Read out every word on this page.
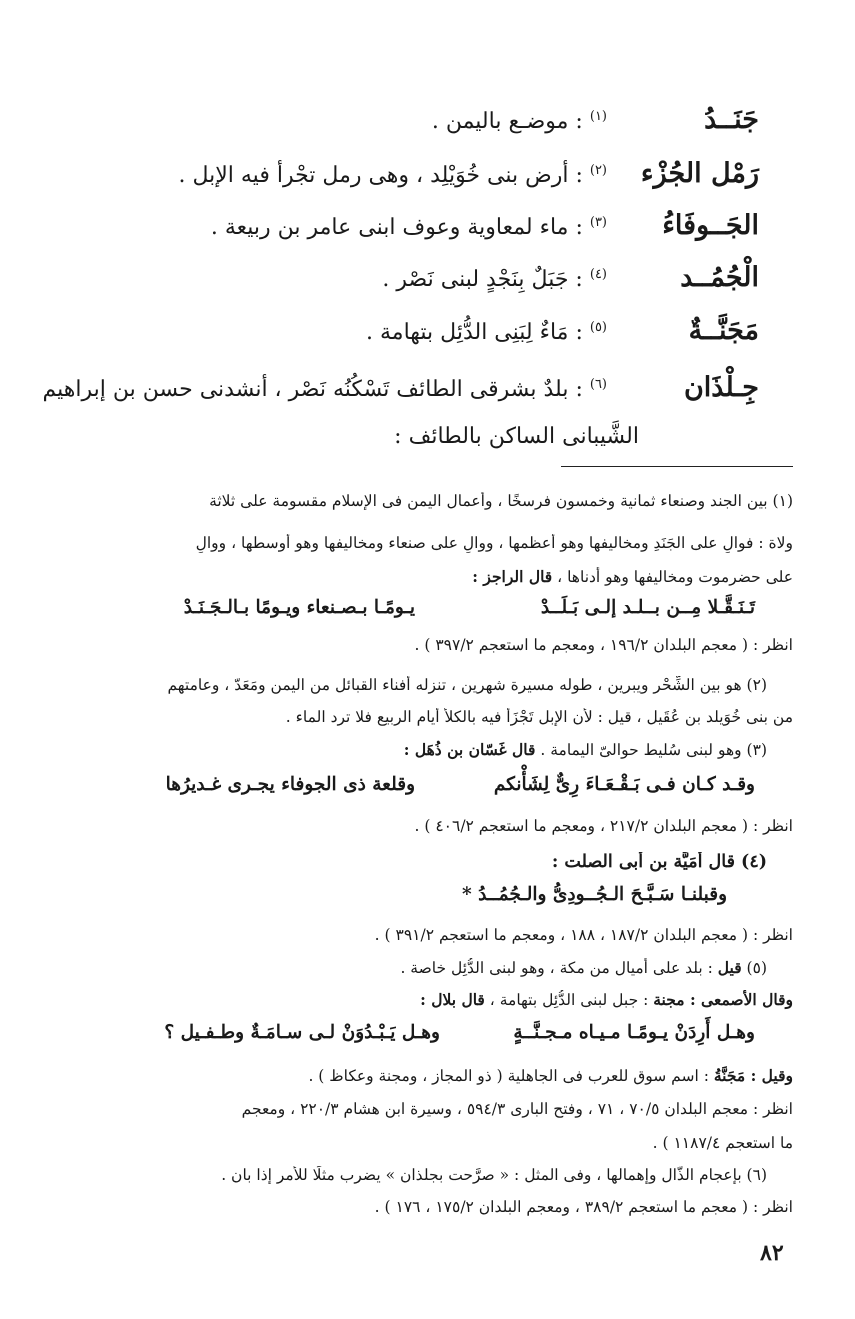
جَنَــدُ$^{(١)}$ : موضـع باليمن .
رَمْل الجُزْء$^{(٢)}$ : أرض بنى خُوَيْلِد ، وهى رمل تجْرأ فيه الإبل .
الجَــوفَاءُ$^{(٣)}$ : ماء لمعاوية وعوف ابنى عامر بن ربيعة .
الْجُمُــد$^{(٤)}$ : جَبَلٌ بِنَجْدٍ لبنى نَصْر .
مَجَنَّــةٌ$^{(٥)}$ : مَاءٌ لِبَنِى الدُّئِل بتهامة .
جِـلْذَان$^{(٦)}$ : بلدٌ بشرقى الطائف تَسْكُنُه نَصْر ، أنشدنى حسن بن إبراهيم
الشَّيبانى الساكن بالطائف :
(١) بين الجند وصنعاء ثمانية وخمسون فرسخًا ، وأعمال اليمن فى الإسلام مقسومة على ثلاثة
ولاة : فوالٍ على الجَنَدِ ومخاليفها وهو أعظمها ، ووالٍ على صنعاء ومخاليفها وهو أوسطها ، ووالٍ
على حضرموت ومخاليفها وهو أدناها ، قال الراجز :
تَـنَـقَّـلا مِــن بــلـد إلـى بَـلَــدْ
يـومًـا بـصـنعاء ويـومًا بـالـجَـنَـدْ
انظر : ( معجم البلدان ١٩٦/٢ ، ومعجم ما استعجم ٣٩٧/٢ ) .
(٢) هو بين الشِّحْر ويبرين ، طوله مسيرة شهرين ، تنزله أفناء القبائل من اليمن ومَعَدّ ، وعامتهم
من بنى خُوَيلد بن عُقَيل ، قيل : لأن الإبل تَجْزَأُ فيه بالكلأ أيام الربيع فلا ترد الماء .
(٣) وهو لبنى سُليط حوالىّ اليمامة . قال غَسّان بن ذُهَل :
وقـد كـان فـى بَـقْـعَـاءَ رِىٌّ لِشَأْنكم
وقلعة ذى الجوفاء يجـرى غـديرُها
انظر : ( معجم البلدان ٢١٧/٢ ، ومعجم ما استعجم ٤٠٦/٢ ) .
(٤) قال أُمَيَّة بن أبى الصلت :
وقبلنـا سَـبَّـحَ الـجُــودِىُّ والـجُمُــدُ *
انظر : ( معجم البلدان ١٨٧/٢ ، ١٨٨ ، ومعجم ما استعجم ٣٩١/٢ ) .
(٥) قيل : بلد على أميال من مكة ، وهو لبنى الدُّئِل خاصة .
وقال الأصمعى : مجنة : جبل لبنى الدُّئِل بتهامة ، قال بلال :
وهـل أَرِدَنْ يـومًـا مـيـاه مـجـنَّــةٍ
وهـل يَـبْـدُوَنْ لـى سـامَـةٌ وطـفـيل ؟
وقيل : مَجَنَّةُ : اسم سوق للعرب فى الجاهلية ( ذو المجاز ، ومجنة وعكاظ ) .
انظر : معجم البلدان ٧٠/٥ ، ٧١ ، وفتح البارى ٥٩٤/٣ ، وسيرة ابن هشام ٢٢٠/٣ ، ومعجم
ما استعجم ١١٨٧/٤ ) .
(٦) بإعجام الذّال وإهمالها ، وفى المثل : « صرَّحت بجلذان » يضرب مثلًا للأمر إذا بان .
انظر : ( معجم ما استعجم ٣٨٩/٢ ، ومعجم البلدان ١٧٥/٢ ، ١٧٦ ) .
٨٢
